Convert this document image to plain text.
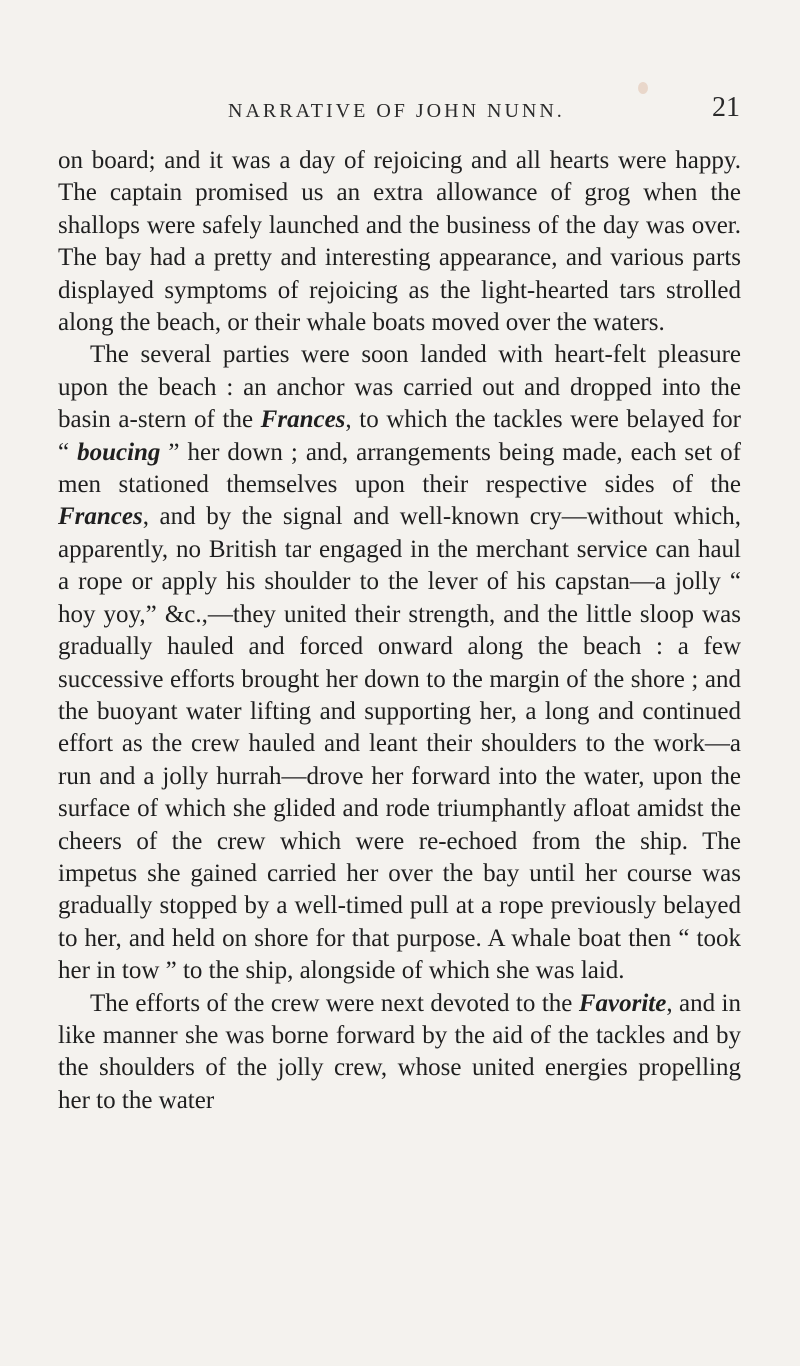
NARRATIVE OF JOHN NUNN.	21

on board; and it was a day of rejoicing and all hearts were happy. The captain promised us an extra allowance of grog when the shallops were safely launched and the business of the day was over. The bay had a pretty and interesting appearance, and various parts displayed symptoms of rejoicing as the light-hearted tars strolled along the beach, or their whale boats moved over the waters.

The several parties were soon landed with heart-felt pleasure upon the beach : an anchor was carried out and dropped into the basin a-stern of the Frances, to which the tackles were belayed for “ boucing ” her down ; and, arrangements being made, each set of men stationed themselves upon their respective sides of the Frances, and by the signal and well-known cry—without which, apparently, no British tar engaged in the merchant service can haul a rope or apply his shoulder to the lever of his capstan—a jolly “ hoy yoy,” &c.,—they united their strength, and the little sloop was gradually hauled and forced onward along the beach : a few successive efforts brought her down to the margin of the shore ; and the buoyant water lifting and supporting her, a long and continued effort as the crew hauled and leant their shoulders to the work—a run and a jolly hurrah—drove her forward into the water, upon the surface of which she glided and rode triumphantly afloat amidst the cheers of the crew which were re-echoed from the ship. The impetus she gained carried her over the bay until her course was gradually stopped by a well-timed pull at a rope previously belayed to her, and held on shore for that purpose. A whale boat then “ took her in tow ” to the ship, alongside of which she was laid.

The efforts of the crew were next devoted to the Favorite, and in like manner she was borne forward by the aid of the tackles and by the shoulders of the jolly crew, whose united energies propelling her to the water
